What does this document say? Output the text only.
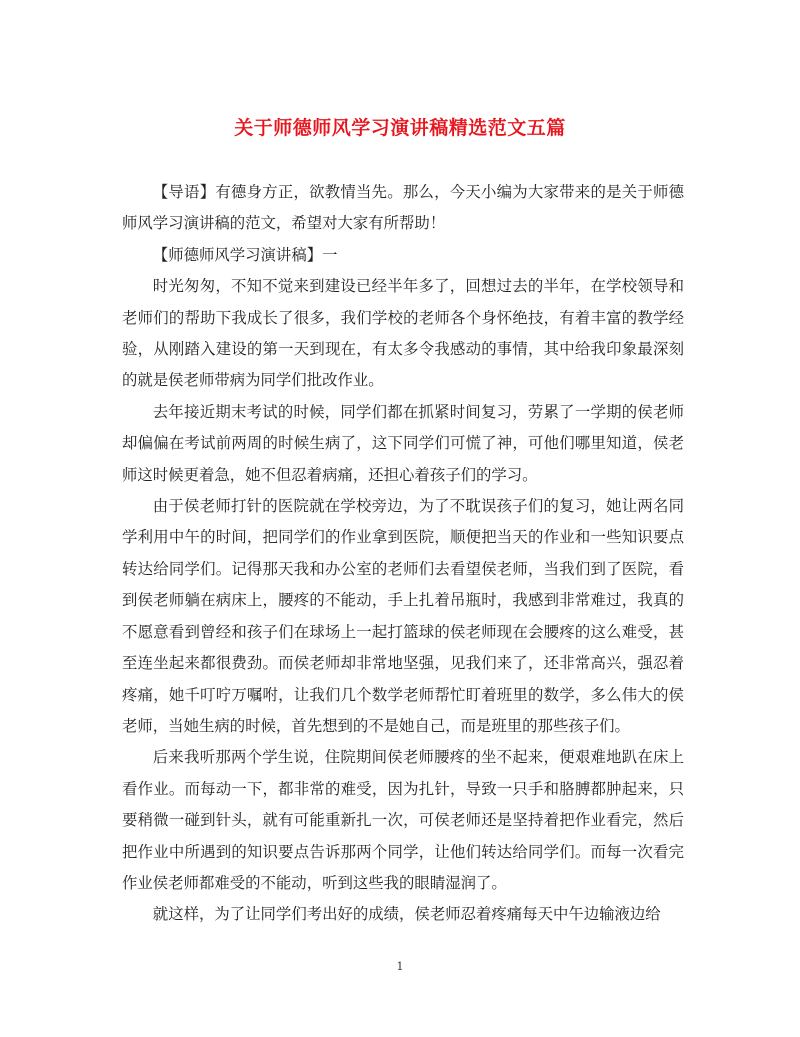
关于师德师风学习演讲稿精选范文五篇

【导语】有德身方正，欲教情当先。那么，今天小编为大家带来的是关于师德师风学习演讲稿的范文，希望对大家有所帮助！

【师德师风学习演讲稿】一

时光匆匆，不知不觉来到建设已经半年多了，回想过去的半年，在学校领导和老师们的帮助下我成长了很多，我们学校的老师各个身怀绝技，有着丰富的教学经验，从刚踏入建设的第一天到现在，有太多令我感动的事情，其中给我印象最深刻的就是侯老师带病为同学们批改作业。

去年接近期末考试的时候，同学们都在抓紧时间复习，劳累了一学期的侯老师却偏偏在考试前两周的时候生病了，这下同学们可慌了神，可他们哪里知道，侯老师这时候更着急，她不但忍着病痛，还担心着孩子们的学习。

由于侯老师打针的医院就在学校旁边，为了不耽误孩子们的复习，她让两名同学利用中午的时间，把同学们的作业拿到医院，顺便把当天的作业和一些知识要点转达给同学们。记得那天我和办公室的老师们去看望侯老师，当我们到了医院，看到侯老师躺在病床上，腰疼的不能动，手上扎着吊瓶时，我感到非常难过，我真的不愿意看到曾经和孩子们在球场上一起打篮球的侯老师现在会腰疼的这么难受，甚至连坐起来都很费劲。而侯老师却非常地坚强，见我们来了，还非常高兴，强忍着疼痛，她千叮咛万嘱咐，让我们几个数学老师帮忙盯着班里的数学，多么伟大的侯老师，当她生病的时候，首先想到的不是她自己，而是班里的那些孩子们。

后来我听那两个学生说，住院期间侯老师腰疼的坐不起来，便艰难地趴在床上看作业。而每动一下，都非常的难受，因为扎针，导致一只手和胳膊都肿起来，只要稍微一碰到针头，就有可能重新扎一次，可侯老师还是坚持着把作业看完，然后把作业中所遇到的知识要点告诉那两个同学，让他们转达给同学们。而每一次看完作业侯老师都难受的不能动，听到这些我的眼睛湿润了。

就这样，为了让同学们考出好的成绩，侯老师忍着疼痛每天中午边输液边给

1
